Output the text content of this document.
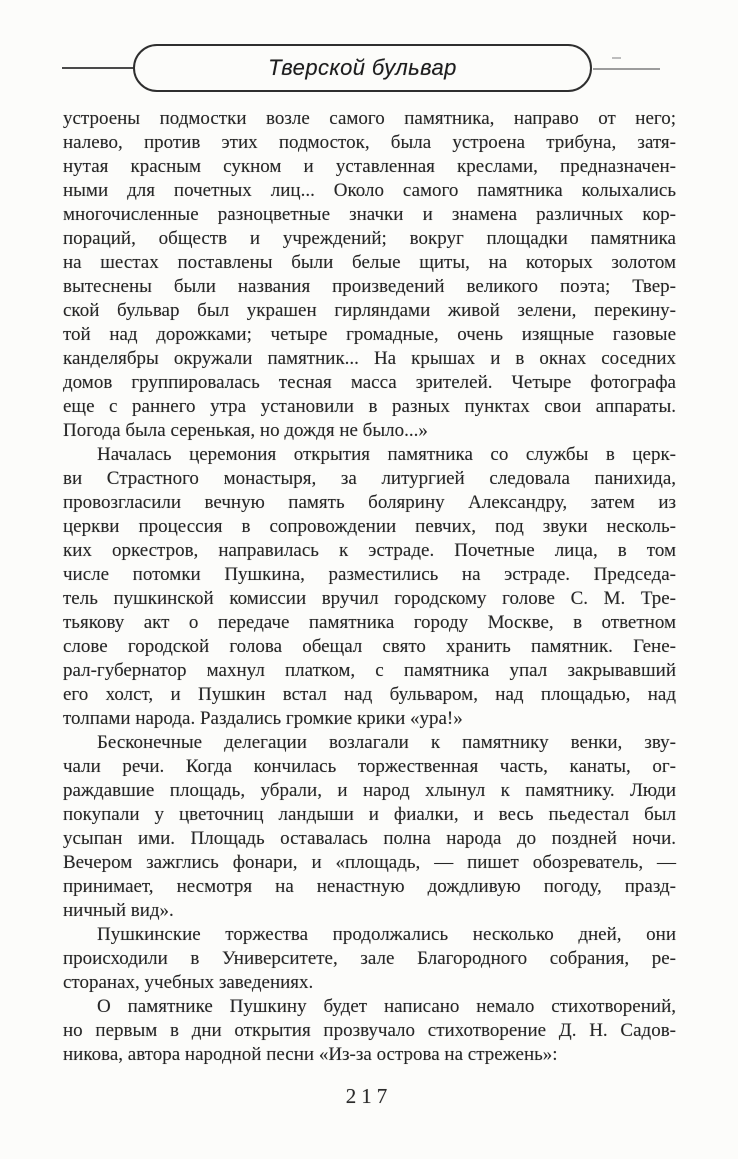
Тверской бульвар
устроены подмостки возле самого памятника, направо от него;
налево, против этих подмосток, была устроена трибуна, затя-
нутая красным сукном и уставленная креслами, предназначен-
ными для почетных лиц... Около самого памятника колыхались
многочисленные разноцветные значки и знамена различных кор-
пораций, обществ и учреждений; вокруг площадки памятника
на шестах поставлены были белые щиты, на которых золотом
вытеснены были названия произведений великого поэта; Твер-
ской бульвар был украшен гирляндами живой зелени, перекину-
той над дорожками; четыре громадные, очень изящные газовые
канделябры окружали памятник... На крышах и в окнах соседних
домов группировалась тесная масса зрителей. Четыре фотографа
еще с раннего утра установили в разных пунктах свои аппараты.
Погода была серенькая, но дождя не было...»
Началась церемония открытия памятника со службы в церк-
ви Страстного монастыря, за литургией следовала панихида,
провозгласили вечную память болярину Александру, затем из
церкви процессия в сопровождении певчих, под звуки несколь-
ких оркестров, направилась к эстраде. Почетные лица, в том
числе потомки Пушкина, разместились на эстраде. Председа-
тель пушкинской комиссии вручил городскому голове С. М. Тре-
тьякову акт о передаче памятника городу Москве, в ответном
слове городской голова обещал свято хранить памятник. Гене-
рал-губернатор махнул платком, с памятника упал закрывавший
его холст, и Пушкин встал над бульваром, над площадью, над
толпами народа. Раздались громкие крики «ура!»
Бесконечные делегации возлагали к памятнику венки, зву-
чали речи. Когда кончилась торжественная часть, канаты, ог-
раждавшие площадь, убрали, и народ хлынул к памятнику. Люди
покупали у цветочниц ландыши и фиалки, и весь пьедестал был
усыпан ими. Площадь оставалась полна народа до поздней ночи.
Вечером зажглись фонари, и «площадь, — пишет обозреватель, —
принимает, несмотря на ненастную дождливую погоду, празд-
ничный вид».
Пушкинские торжества продолжались несколько дней, они
происходили в Университете, зале Благородного собрания, ре-
сторанах, учебных заведениях.
О памятнике Пушкину будет написано немало стихотворений,
но первым в дни открытия прозвучало стихотворение Д. Н. Садов-
никова, автора народной песни «Из-за острова на стрежень»:
217
